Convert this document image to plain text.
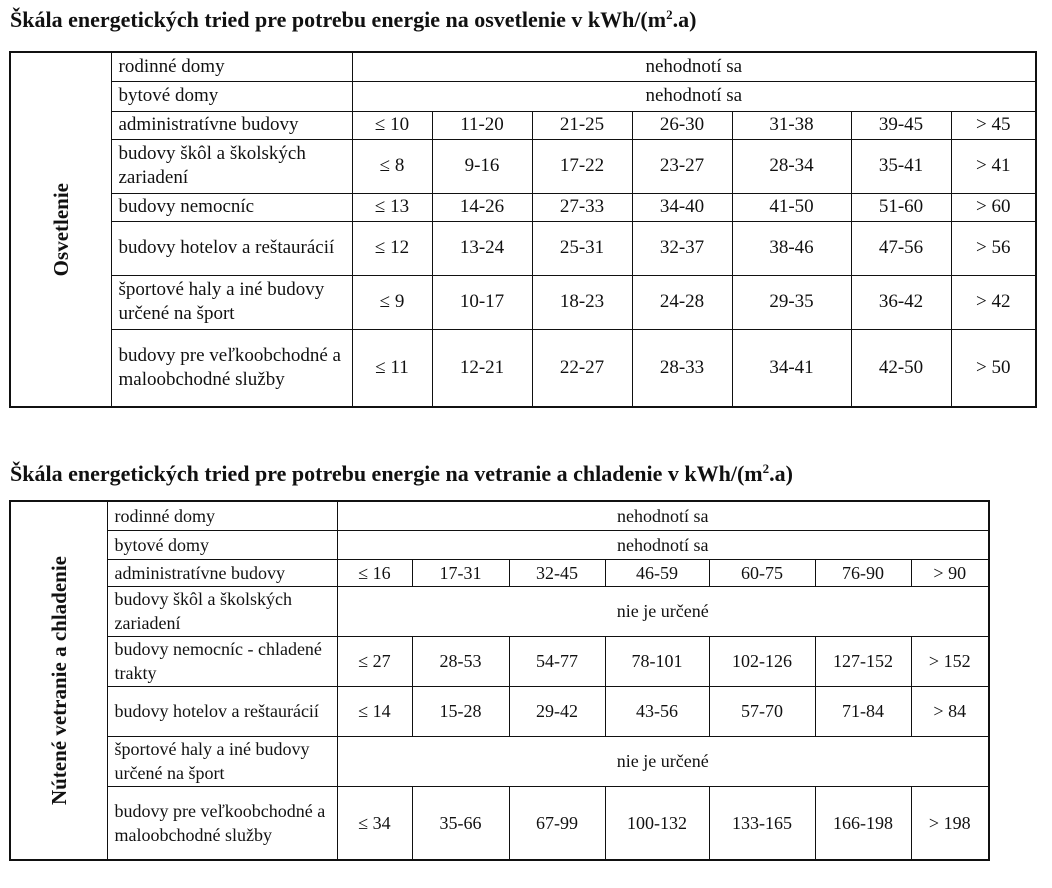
Škála energetických tried pre potrebu energie na osvetlenie v kWh/$(m^2.a)$
Osvetlenie	rodinné domy	nehodnotí sa						
	bytové domy	nehodnotí sa						
	administratívne budovy	≤ 10	11-20	21-25	26-30	31-38	39-45	> 45
	budovy škôl a školských zariadení	≤ 8	9-16	17-22	23-27	28-34	35-41	> 41
	budovy nemocníc	≤ 13	14-26	27-33	34-40	41-50	51-60	> 60
	budovy hotelov a reštaurácií	≤ 12	13-24	25-31	32-37	38-46	47-56	> 56
	športové haly a iné budovy určené na šport	≤ 9	10-17	18-23	24-28	29-35	36-42	> 42
	budovy pre veľkoobchodné a maloobchodné služby	≤ 11	12-21	22-27	28-33	34-41	42-50	> 50
Škála energetických tried pre potrebu energie na vetranie a chladenie v kWh/$(m^2.a)$
Nútené vetranie a chladenie	rodinné domy	nehodnotí sa						
	bytové domy	nehodnotí sa						
	administratívne budovy	≤ 16	17-31	32-45	46-59	60-75	76-90	> 90
	budovy škôl a školských zariadení	nie je určené						
	budovy nemocníc - chladené trakty	≤ 27	28-53	54-77	78-101	102-126	127-152	> 152
	budovy hotelov a reštaurácií	≤ 14	15-28	29-42	43-56	57-70	71-84	> 84
	športové haly a iné budovy určené na šport	nie je určené						
	budovy pre veľkoobchodné a maloobchodné služby	≤ 34	35-66	67-99	100-132	133-165	166-198	> 198
